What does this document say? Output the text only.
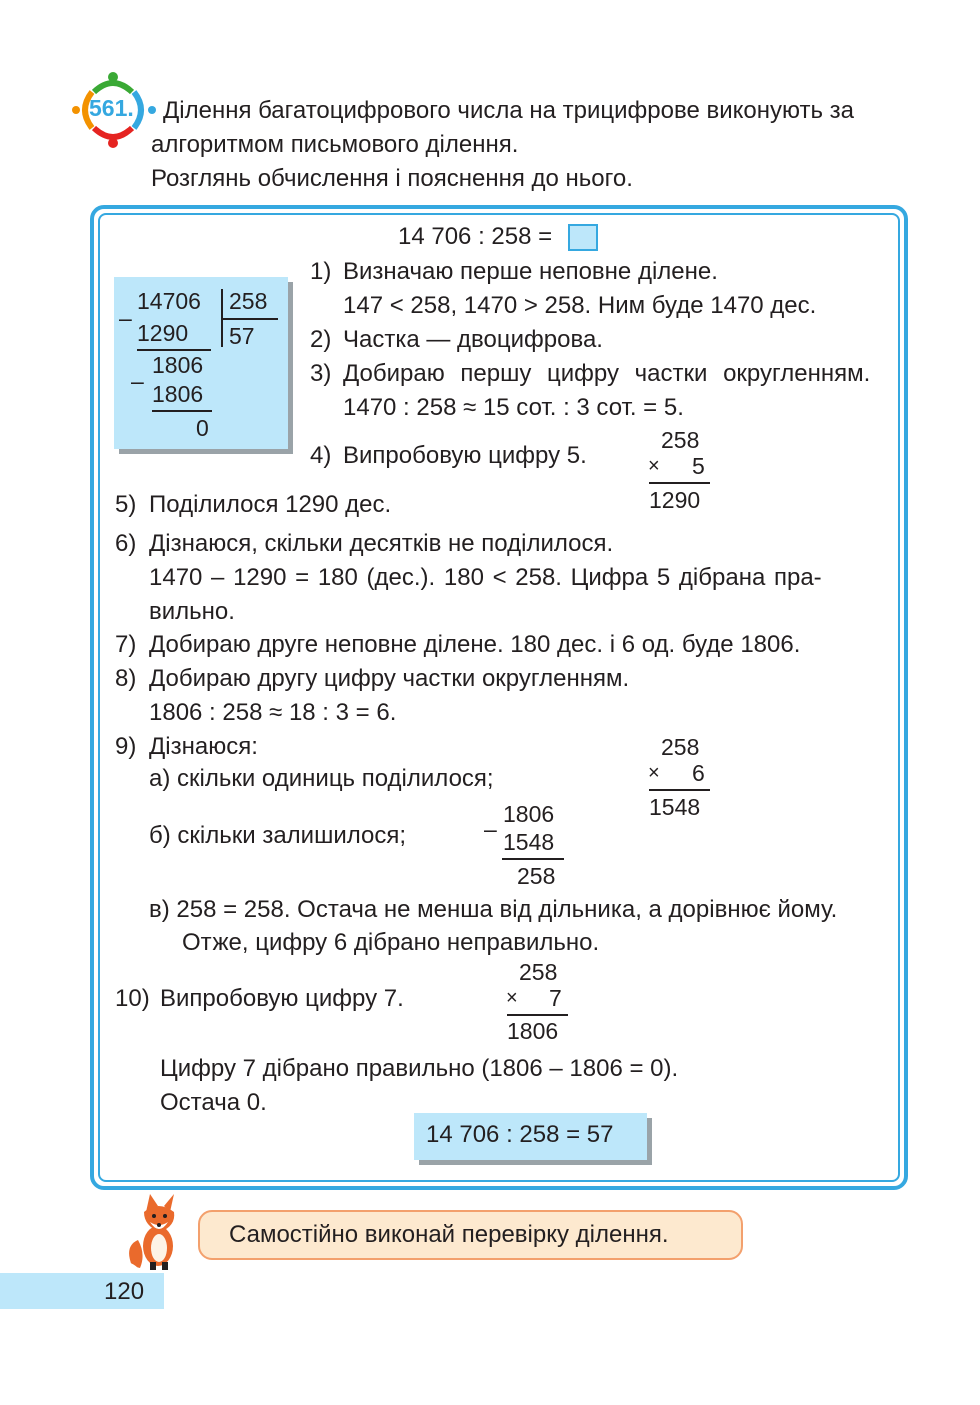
561. Ділення багатоцифрового числа на трицифрове виконують за
алгоритмом письмового ділення.
Розглянь обчислення і пояснення до нього.
14 706 : 258 =
–
14706 258
1290 57
1806
– 1806
0
1) Визначаю перше неповне ділене.
147 < 258, 1470 > 258. Ним буде 1470 дес.
2) Частка — двоцифрова.
3) Добираю першу цифру частки округленням.
1470 : 258 ≈ 15 сот. : 3 сот. = 5.
4) Випробовую цифру 5.
258
× 5
1290
5) Поділилося 1290 дес.
6) Дізнаюся, скільки десятків не поділилося.
1470 – 1290 = 180 (дес.). 180 < 258. Цифра 5 дібрана пра-
вильно.
7) Добираю друге неповне ділене. 180 дес. і 6 од. буде 1806.
8) Добираю другу цифру частки округленням.
1806 : 258 ≈ 18 : 3 = 6.
9) Дізнаюся:
а) скільки одиниць поділилося;
б) скільки залишилося;
258
× 6
1548
–
1806
1548
258
в) 258 = 258. Остача не менша від дільника, а дорівнює йому.
Отже, цифру 6 дібрано неправильно.
10) Випробовую цифру 7.
258
× 7
1806
Цифру 7 дібрано правильно (1806 – 1806 = 0).
Остача 0.
14 706 : 258 = 57
Самостійно виконай перевірку ділення.
120
